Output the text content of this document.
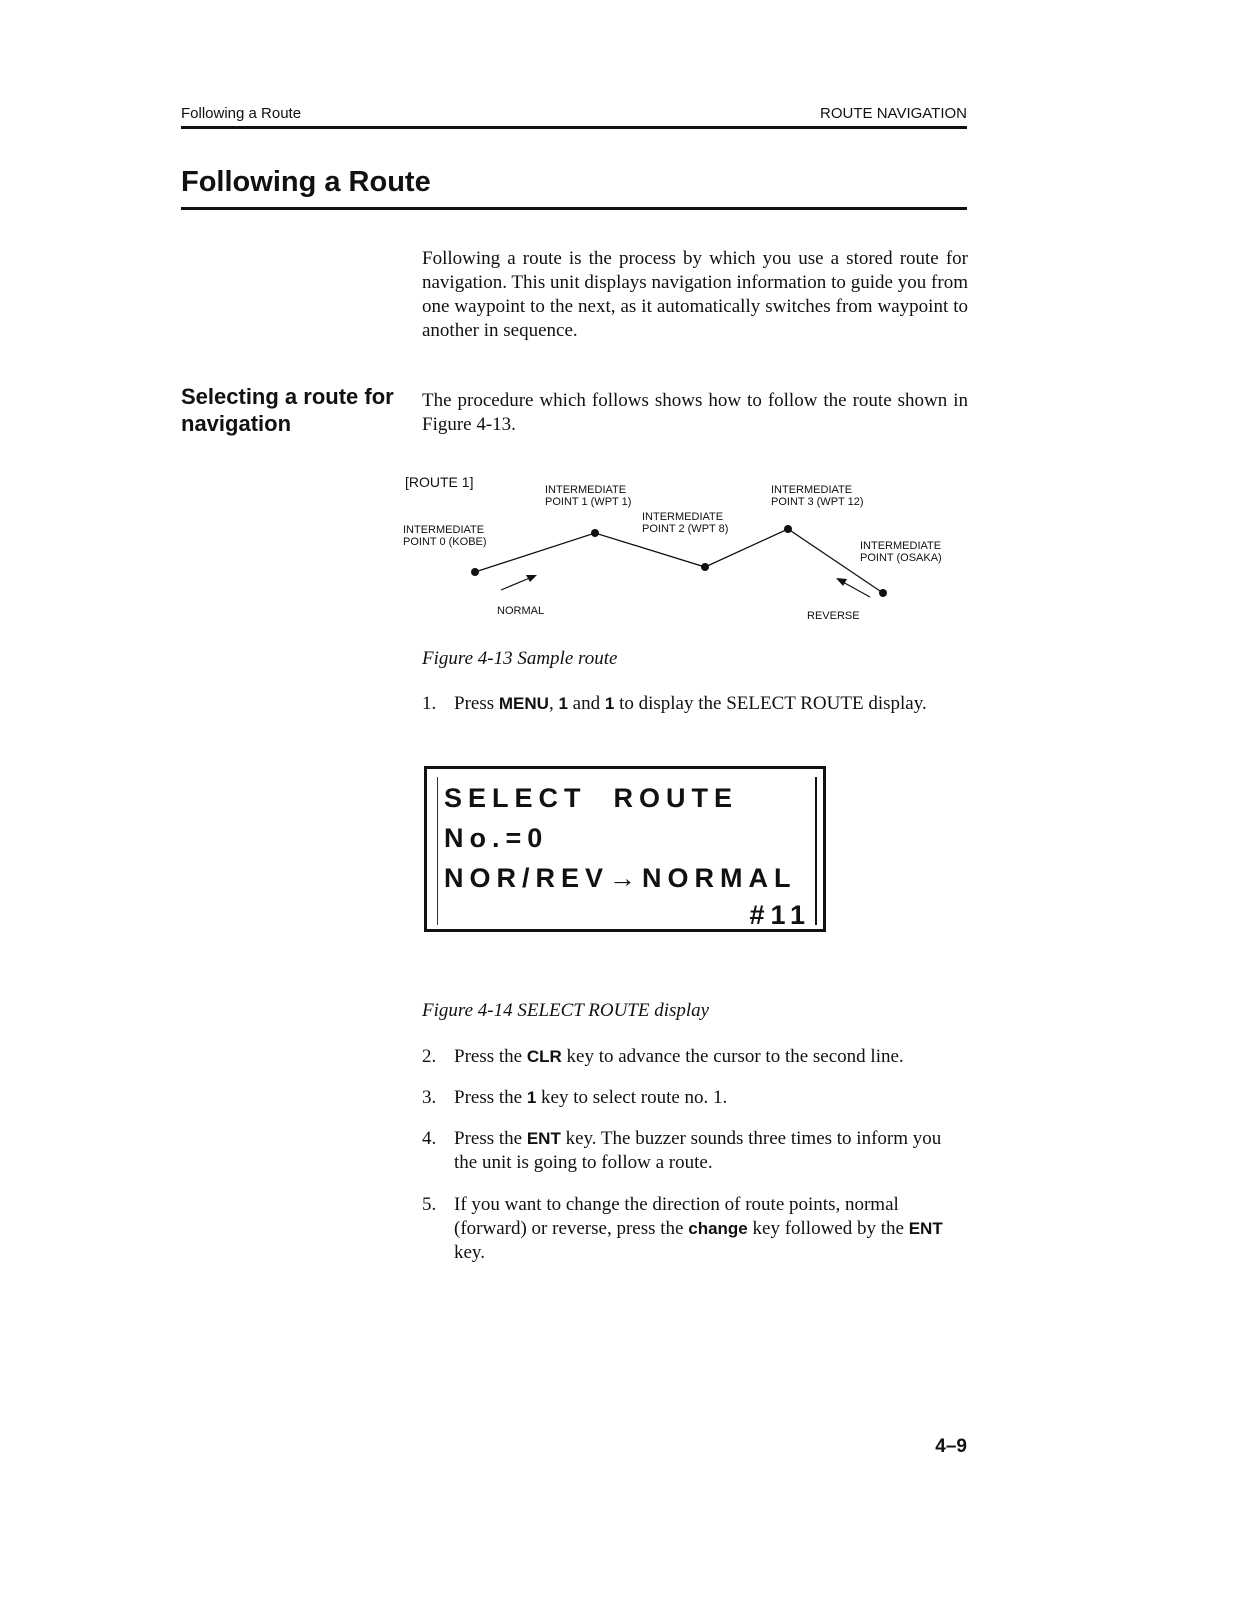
Following a Route	ROUTE NAVIGATION
Following a Route

Following a route is the process by which you use a stored route for navigation. This unit displays navigation information to guide you from one waypoint to the next, as it automatically switches from waypoint to another in sequence.

Selecting a route for navigation

The procedure which follows shows how to follow the route shown in Figure 4-13.

[ROUTE 1]	INTERMEDIATE
POINT 1 (WPT 1)
INTERMEDIATE
POINT 2 (WPT 8)
INTERMEDIATE
POINT 3 (WPT 12)
INTERMEDIATE
POINT 0 (KOBE)	INTERMEDIATE
POINT (OSAKA)
NORMAL	REVERSE
Figure 4-13 Sample route

1. Press MENU, 1 and 1 to display the SELECT ROUTE display.

SELECT  ROUTE
No.=0
NOR/REV→NORMAL
#11
Figure 4-14 SELECT ROUTE display

2. Press the CLR key to advance the cursor to the second line.

3. Press the 1 key to select route no. 1.

4. Press the ENT key. The buzzer sounds three times to inform you the unit is going to follow a route.

5. If you want to change the direction of route points, normal (forward) or reverse, press the change key followed by the ENT key.

4–9
